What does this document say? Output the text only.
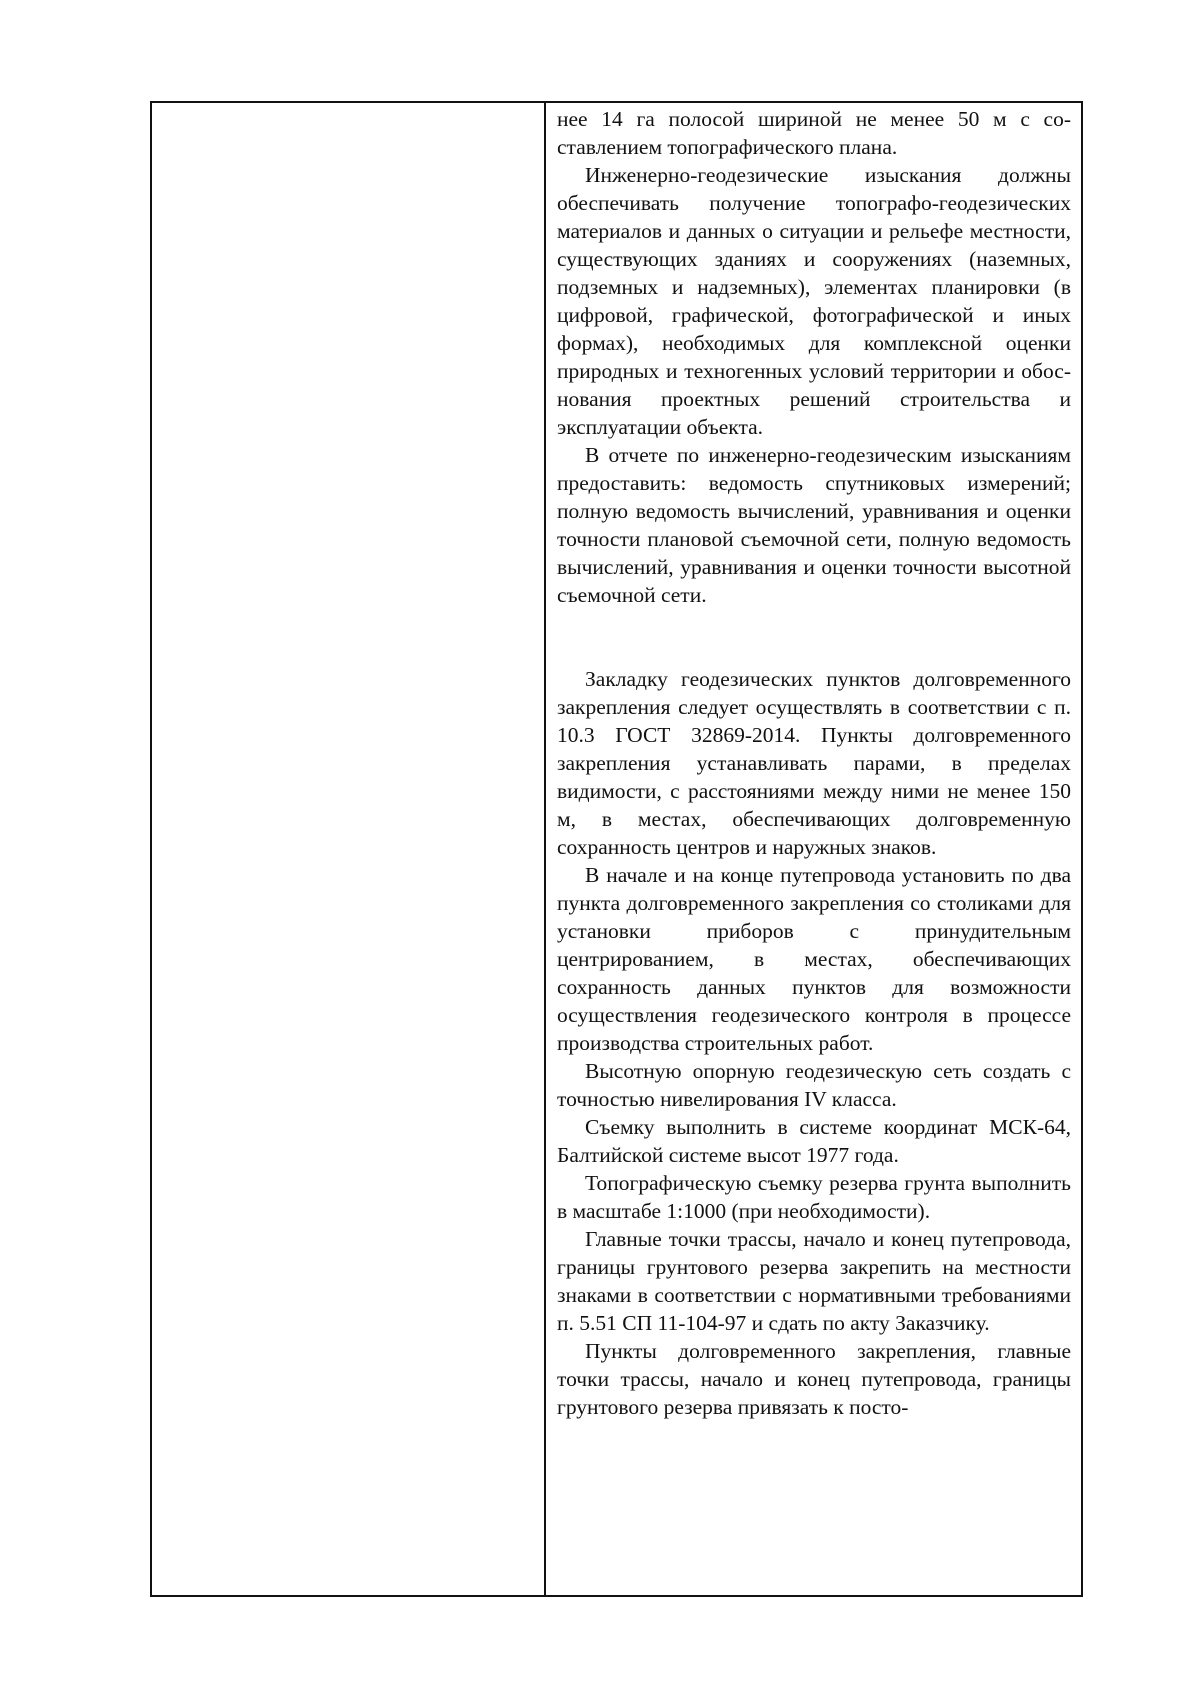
нее 14 га полосой шириной не менее 50 м с составлением топографического плана.

Инженерно-геодезические изыскания должны обеспечивать получение топографо-геодезических материалов и данных о ситуации и рельефе местности, существующих зданиях и сооружениях (наземных, подземных и надземных), элементах планировки (в цифровой, графической, фотографической и иных формах), необходимых для комплексной оценки природных и техногенных условий территории и обоснования проектных решений строительства и эксплуатации объекта.

В отчете по инженерно-геодезическим изысканиям предоставить: ведомость спутниковых измерений; полную ведомость вычислений, уравнивания и оценки точности плановой съемочной сети, полную ведомость вычислений, уравнивания и оценки точности высотной съемочной сети.

Закладку геодезических пунктов долговременного закрепления следует осуществлять в соответствии с п. 10.3 ГОСТ 32869-2014. Пункты долговременного закрепления устанавливать парами, в пределах видимости, с расстояниями между ними не менее 150 м, в местах, обеспечивающих долговременную сохранность центров и наружных знаков.

В начале и на конце путепровода установить по два пункта долговременного закрепления со столиками для установки приборов с принудительным центрированием, в местах, обеспечивающих сохранность данных пунктов для возможности осуществления геодезического контроля в процессе производства строительных работ.

Высотную опорную геодезическую сеть создать с точностью нивелирования IV класса.

Съемку выполнить в системе координат МСК-64, Балтийской системе высот 1977 года.

Топографическую съемку резерва грунта выполнить в масштабе 1:1000 (при необходимости).

Главные точки трассы, начало и конец путепровода, границы грунтового резерва закрепить на местности знаками в соответствии с нормативными требованиями п. 5.51 СП 11-104-97 и сдать по акту Заказчику.

Пункты долговременного закрепления, главные точки трассы, начало и конец путепровода, границы грунтового резерва привязать к посто-
